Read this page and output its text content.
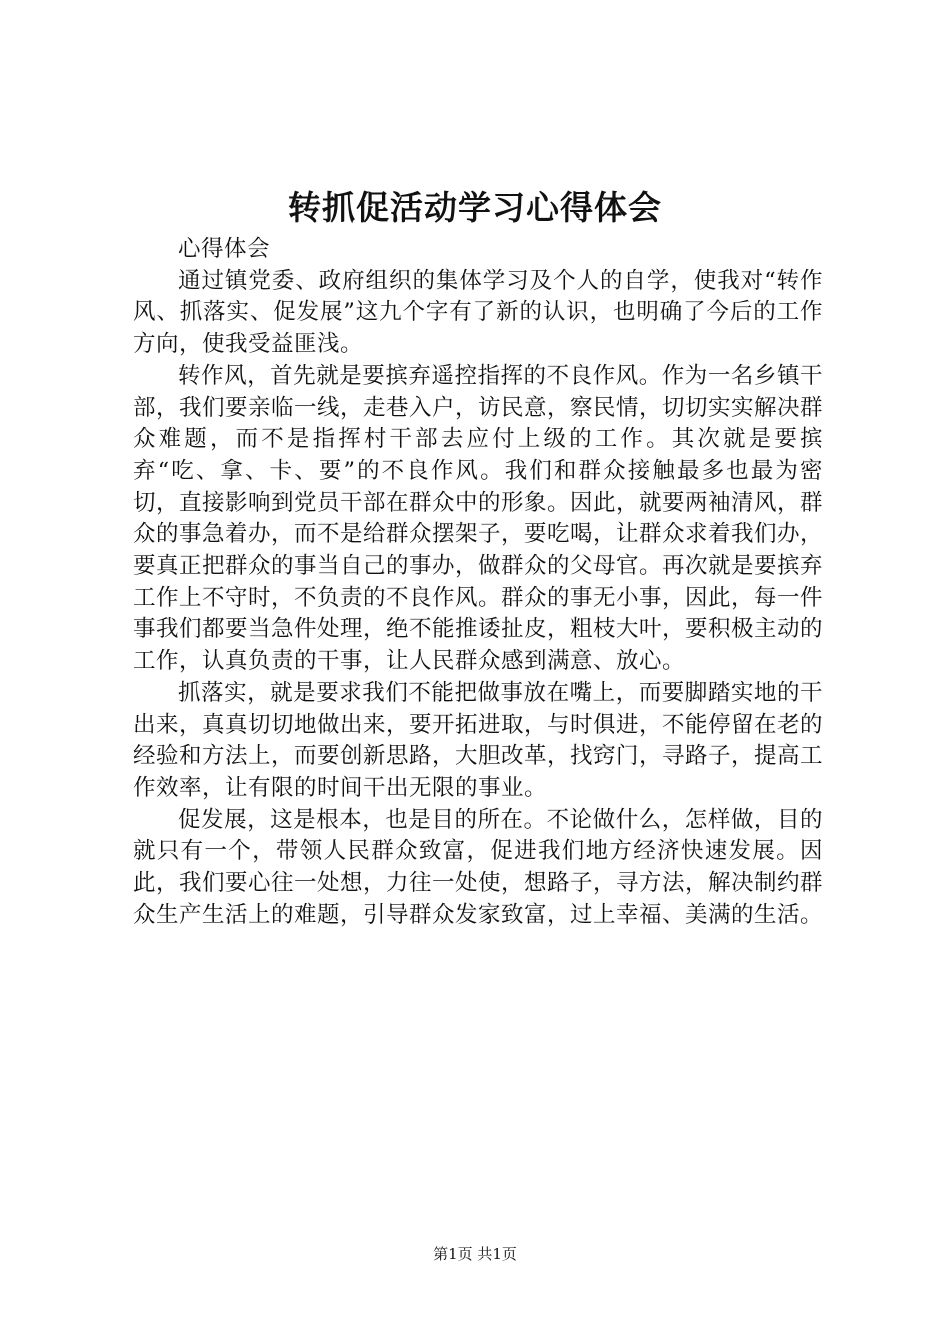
转抓促活动学习心得体会

心得体会

通过镇党委、政府组织的集体学习及个人的自学，使我对“转作风、抓落实、促发展”这九个字有了新的认识，也明确了今后的工作方向，使我受益匪浅。

转作风，首先就是要摈弃遥控指挥的不良作风。作为一名乡镇干部，我们要亲临一线，走巷入户，访民意，察民情，切切实实解决群众难题，而不是指挥村干部去应付上级的工作。其次就是要摈弃“吃、拿、卡、要”的不良作风。我们和群众接触最多也最为密切，直接影响到党员干部在群众中的形象。因此，就要两袖清风，群众的事急着办，而不是给群众摆架子，要吃喝，让群众求着我们办，要真正把群众的事当自己的事办，做群众的父母官。再次就是要摈弃工作上不守时，不负责的不良作风。群众的事无小事，因此，每一件事我们都要当急件处理，绝不能推诿扯皮，粗枝大叶，要积极主动的工作，认真负责的干事，让人民群众感到满意、放心。

抓落实，就是要求我们不能把做事放在嘴上，而要脚踏实地的干出来，真真切切地做出来，要开拓进取，与时俱进，不能停留在老的经验和方法上，而要创新思路，大胆改革，找窍门，寻路子，提高工作效率，让有限的时间干出无限的事业。

促发展，这是根本，也是目的所在。不论做什么，怎样做，目的就只有一个，带领人民群众致富，促进我们地方经济快速发展。因此，我们要心往一处想，力往一处使，想路子，寻方法，解决制约群众生产生活上的难题，引导群众发家致富，过上幸福、美满的生活。

第1页 共1页
